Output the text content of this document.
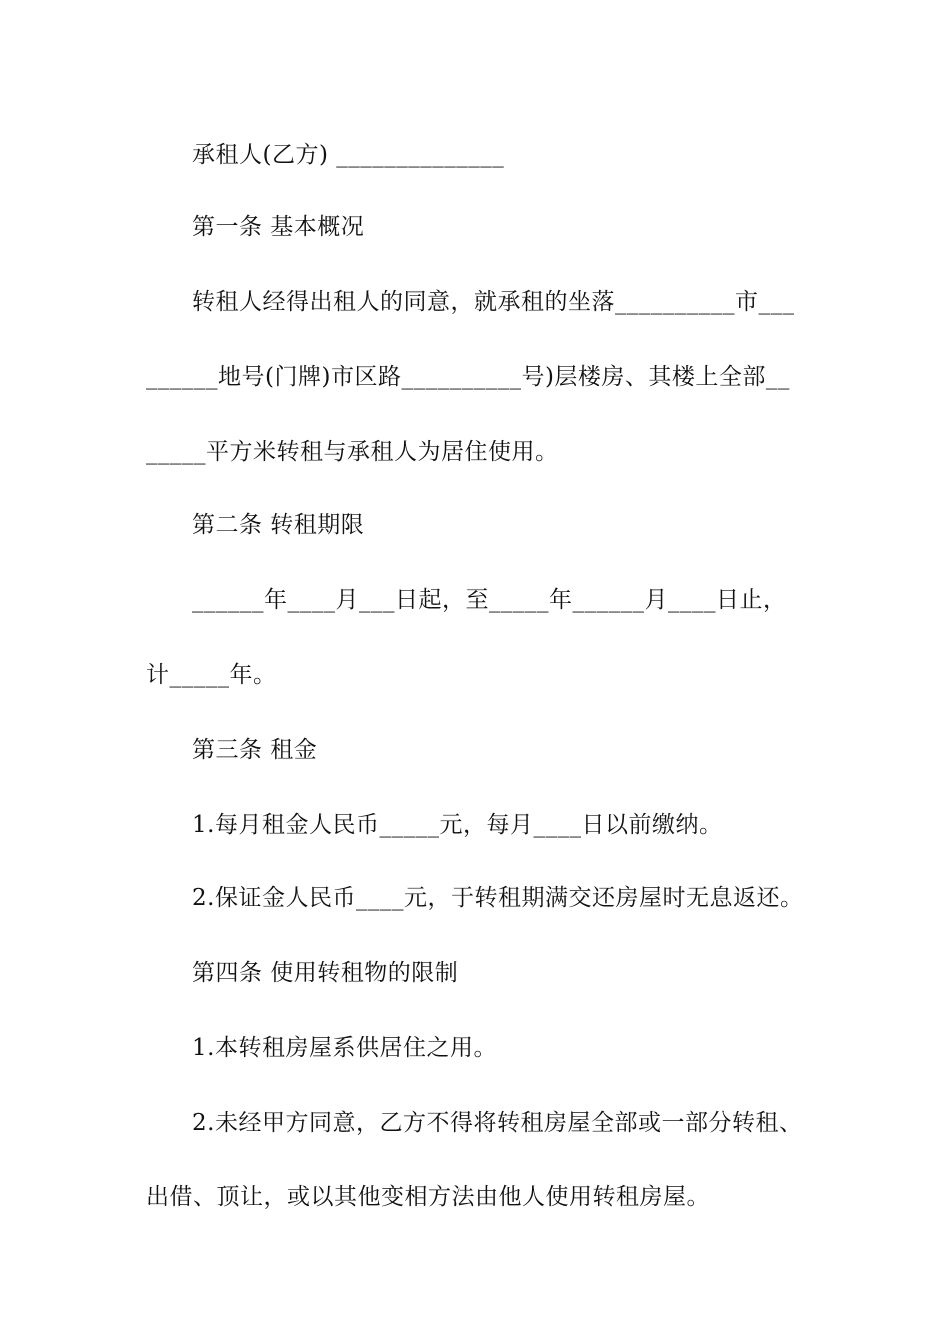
承租人(乙方) ______________
第一条 基本概况
转租人经得出租人的同意，就承租的坐落__________市___
______地号(门牌)市区路__________号)层楼房、其楼上全部__
_____平方米转租与承租人为居住使用。
第二条 转租期限
______年____月___日起，至_____年______月____日止，
计_____年。
第三条 租金
1.每月租金人民币_____元，每月____日以前缴纳。
2.保证金人民币____元，于转租期满交还房屋时无息返还。
第四条 使用转租物的限制
1.本转租房屋系供居住之用。
2.未经甲方同意，乙方不得将转租房屋全部或一部分转租、
出借、顶让，或以其他变相方法由他人使用转租房屋。
